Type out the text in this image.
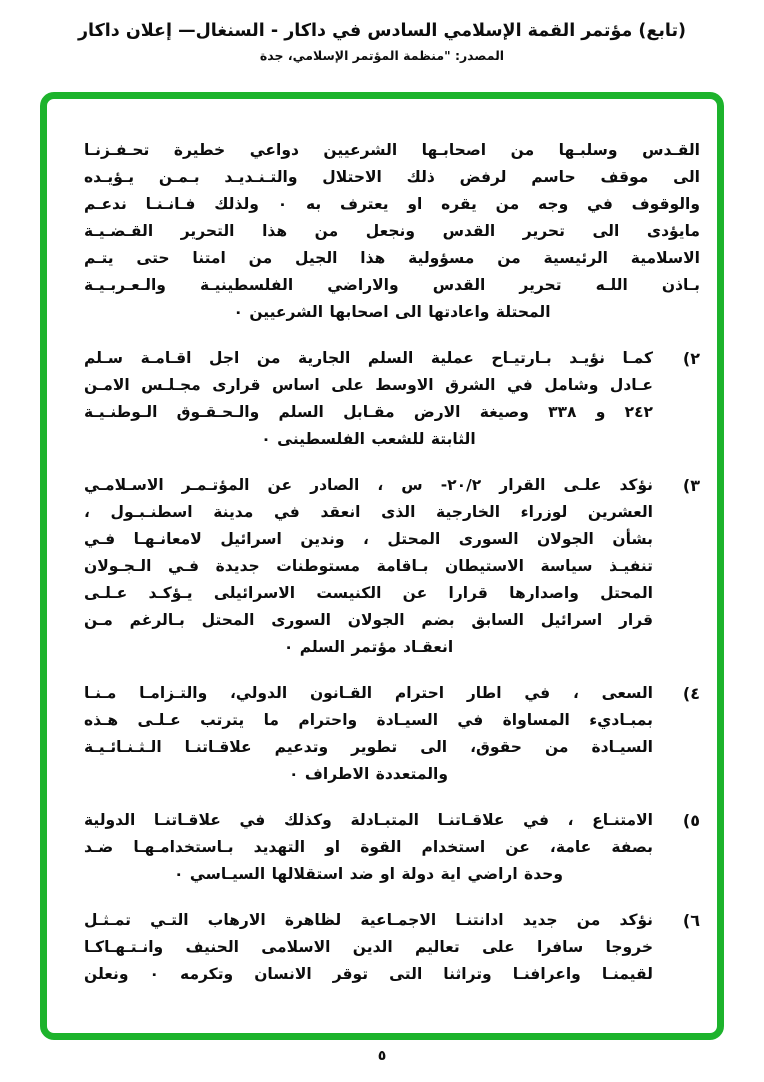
(تابع) مؤتمر القمة الإسلامي السادس في داكار - السنغال— إعلان داكار
المصدر: "منظمة المؤتمر الإسلامي، جدة
القـدس وسلبـها من اصحابـها الشرعيين دواعي خطيرة تحـفـزنـا
الى موقف حاسم لرفض ذلك الاحتلال والتـنـديـد بـمـن يـؤيـده
والوقوف في وجه من يقره او يعترف به ٠ ولذلك فـانـنـا ندعـم
مايؤدى الى تحرير القدس ونجعل من هذا التحرير القـضـيـة
الاسلامية الرئيسية من مسؤولية هذا الجيل من امتنا حتى يتـم
بـاذن اللـه تحرير القدس والاراضي الفلسطينيـة والـعـربـيـة
المحتلة واعادتها الى اصحابها الشرعيين ٠
٢)
كمـا نؤيـد بـارتيـاح عملية السلم الجارية من اجل اقـامـة سـلم
عـادل وشامل في الشرق الاوسط على اساس قرارى مجـلـس الامـن
٢٤٢ و ٣٣٨ وصيغة الارض مقـابل السلم والـحـقـوق الـوطنـيـة
الثابتة للشعب الفلسطينى ٠
٣)
نؤكد علـى القرار ٢٠/٢- س ، الصادر عن المؤتـمـر الاسـلامـي
العشرين لوزراء الخارجية الذى انعقد في مدينة اسطنـبـول ،
بشأن الجولان السورى المحتل ، وندين اسرائيل لامعانـهـا فـي
تنفيـذ سياسة الاستيطان بـاقامة مستوطنات جديدة فـي الـجـولان
المحتل واصدارها قرارا عن الكنيست الاسرائيلى يـؤكـد عـلـى
قرار اسرائيل السابق بضم الجولان السورى المحتل بـالرغم مـن
انعقـاد مؤتمر السلم ٠
٤)
السعى ، في اطار احترام القـانون الدولي، والتـزامـا مـنـا
بمبـاديء المساواة في السيـادة واحترام ما يترتب عـلـى هـذه
السيـادة من حقوق، الى تطوير وتدعيم علاقـاتنـا الـثـنـائـيـة
والمتعددة الاطراف ٠
٥)
الامتنـاع ، في علاقـاتنـا المتبـادلة وكذلك في علاقـاتنـا الدولية
بصفة عامة، عن استخدام القوة او التهديد بـاستخدامـهـا ضـد
وحدة اراضي اية دولة او ضد استقلالها السيـاسي ٠
٦)
نؤكد من جديد ادانتنـا الاجمـاعية لظاهرة الارهاب التـي تمـثـل
خروجا سافرا على تعاليم الدين الاسلامى الحنيف وانـتـهـاكـا
لقيمنـا واعرافنـا وتراثنا التى توقر الانسان وتكرمه ٠ ونعلن
٥
